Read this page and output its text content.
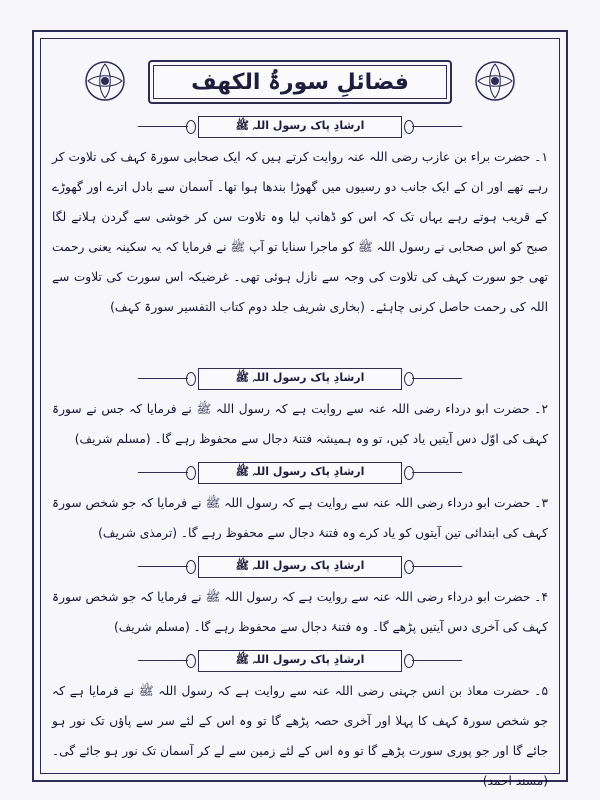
فضائلِ سورۃُ الکھف
ارشادِ پاک رسول اللہ ﷺ

۱۔ حضرت براء بن عازب رضی اللہ عنہ روایت کرتے ہیں کہ ایک صحابی سورۃ کہف کی تلاوت کر رہے تھے اور ان کے ایک جانب دو رسیوں میں گھوڑا بندھا ہوا تھا۔ آسمان سے بادل اترے اور گھوڑے کے قریب ہوتے رہے یہاں تک کہ اس کو ڈھانپ لیا وہ تلاوت سن کر خوشی سے گردن ہلانے لگا صبح کو اس صحابی نے رسول اللہ ﷺ کو ماجرا سنایا تو آپ ﷺ نے فرمایا کہ یہ سکینہ یعنی رحمت تھی جو سورت کہف کی تلاوت کی وجہ سے نازل ہوئی تھی۔ غرضیکہ اس سورت کی تلاوت سے اللہ کی رحمت حاصل کرنی چاہئے۔ (بخاری شریف جلد دوم کتاب التفسیر سورۃ کہف)

ارشادِ پاک رسول اللہ ﷺ

۲۔ حضرت ابو درداء رضی اللہ عنہ سے روایت ہے کہ رسول اللہ ﷺ نے فرمایا کہ جس نے سورۃ کہف کی اوّل دس آیتیں یاد کیں، تو وہ ہمیشہ فتنۂ دجال سے محفوظ رہے گا۔ (مسلم شریف)

ارشادِ پاک رسول اللہ ﷺ

۳۔ حضرت ابو درداء رضی اللہ عنہ سے روایت ہے کہ رسول اللہ ﷺ نے فرمایا کہ جو شخص سورۃ کہف کی ابتدائی تین آیتوں کو یاد کرے وہ فتنۂ دجال سے محفوظ رہے گا۔ (ترمذی شریف)

ارشادِ پاک رسول اللہ ﷺ

۴۔ حضرت ابو درداء رضی اللہ عنہ سے روایت ہے کہ رسول اللہ ﷺ نے فرمایا کہ جو شخص سورۃ کہف کی آخری دس آیتیں پڑھے گا۔ وہ فتنۂ دجال سے محفوظ رہے گا۔ (مسلم شریف)

ارشادِ پاک رسول اللہ ﷺ

۵۔ حضرت معاذ بن انس جہنی رضی اللہ عنہ سے روایت ہے کہ رسول اللہ ﷺ نے فرمایا ہے کہ جو شخص سورۃ کہف کا پہلا اور آخری حصہ پڑھے گا تو وہ اس کے لئے سر سے پاؤں تک نور ہو جائے گا اور جو پوری سورت پڑھے گا تو وہ اس کے لئے زمین سے لے کر آسمان تک نور ہو جائے گی۔ (مسند احمد)
